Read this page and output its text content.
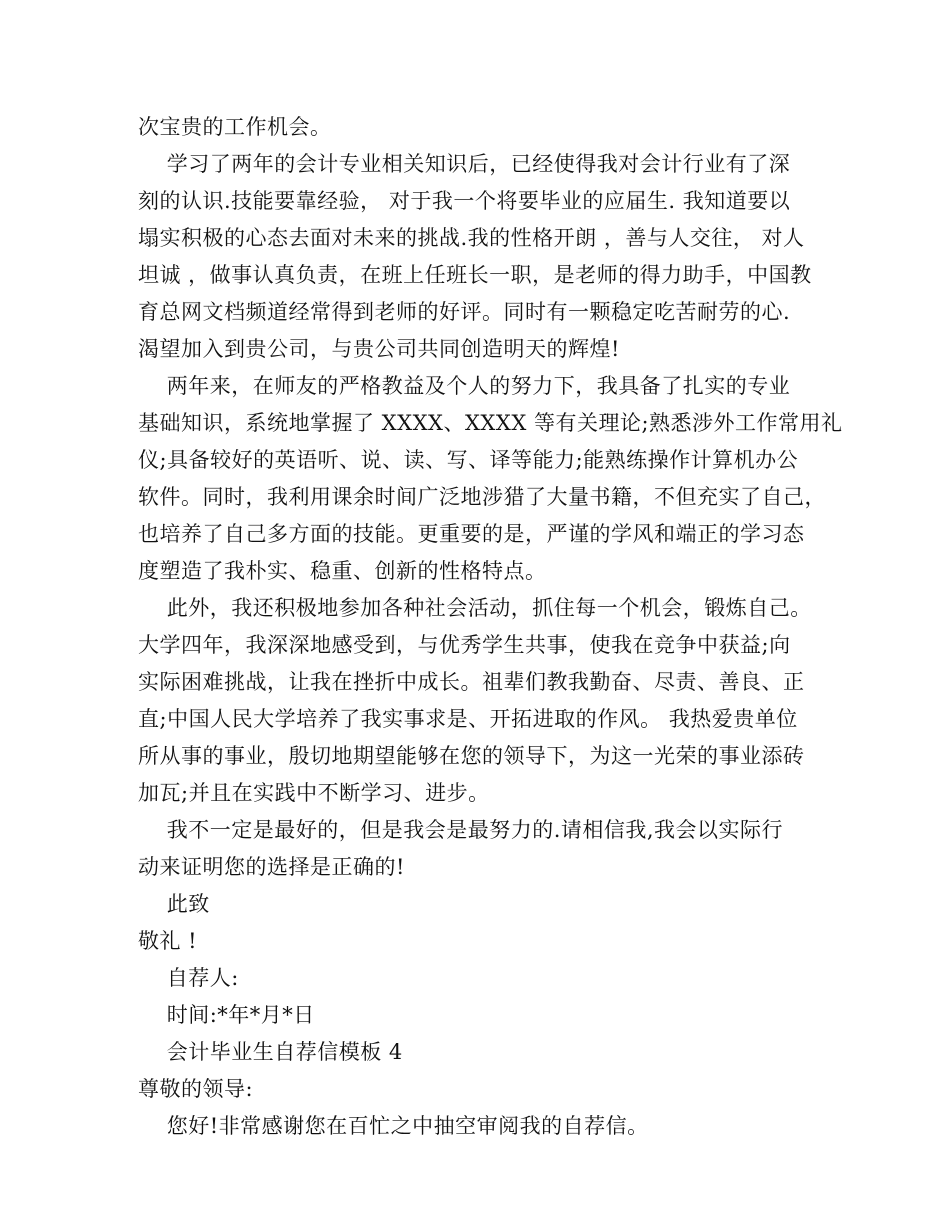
次宝贵的工作机会。
学习了两年的会计专业相关知识后，已经使得我对会计行业有了深
刻的认识.技能要靠经验， 对于我一个将要毕业的应届生. 我知道要以
塌实积极的心态去面对未来的挑战.我的性格开朗 ，善与人交往， 对人
坦诚 ，做事认真负责，在班上任班长一职，是老师的得力助手，中国教
育总网文档频道经常得到老师的好评。同时有一颗稳定吃苦耐劳的心.
渴望加入到贵公司，与贵公司共同创造明天的辉煌!
两年来，在师友的严格教益及个人的努力下，我具备了扎实的专业
基础知识，系统地掌握了 XXXX、XXXX 等有关理论;熟悉涉外工作常用礼
仪;具备较好的英语听、说、读、写、译等能力;能熟练操作计算机办公
软件。同时，我利用课余时间广泛地涉猎了大量书籍，不但充实了自己，
也培养了自己多方面的技能。更重要的是，严谨的学风和端正的学习态
度塑造了我朴实、稳重、创新的性格特点。
此外，我还积极地参加各种社会活动，抓住每一个机会，锻炼自己。
大学四年，我深深地感受到，与优秀学生共事，使我在竞争中获益;向
实际困难挑战，让我在挫折中成长。祖辈们教我勤奋、尽责、善良、正
直;中国人民大学培养了我实事求是、开拓进取的作风。 我热爱贵单位
所从事的事业，殷切地期望能够在您的领导下，为这一光荣的事业添砖
加瓦;并且在实践中不断学习、进步。
我不一定是最好的，但是我会是最努力的.请相信我,我会以实际行
动来证明您的选择是正确的!
此致
敬礼 !
自荐人:
时间:*年*月*日
会计毕业生自荐信模板 4
尊敬的领导:
您好!非常感谢您在百忙之中抽空审阅我的自荐信。
